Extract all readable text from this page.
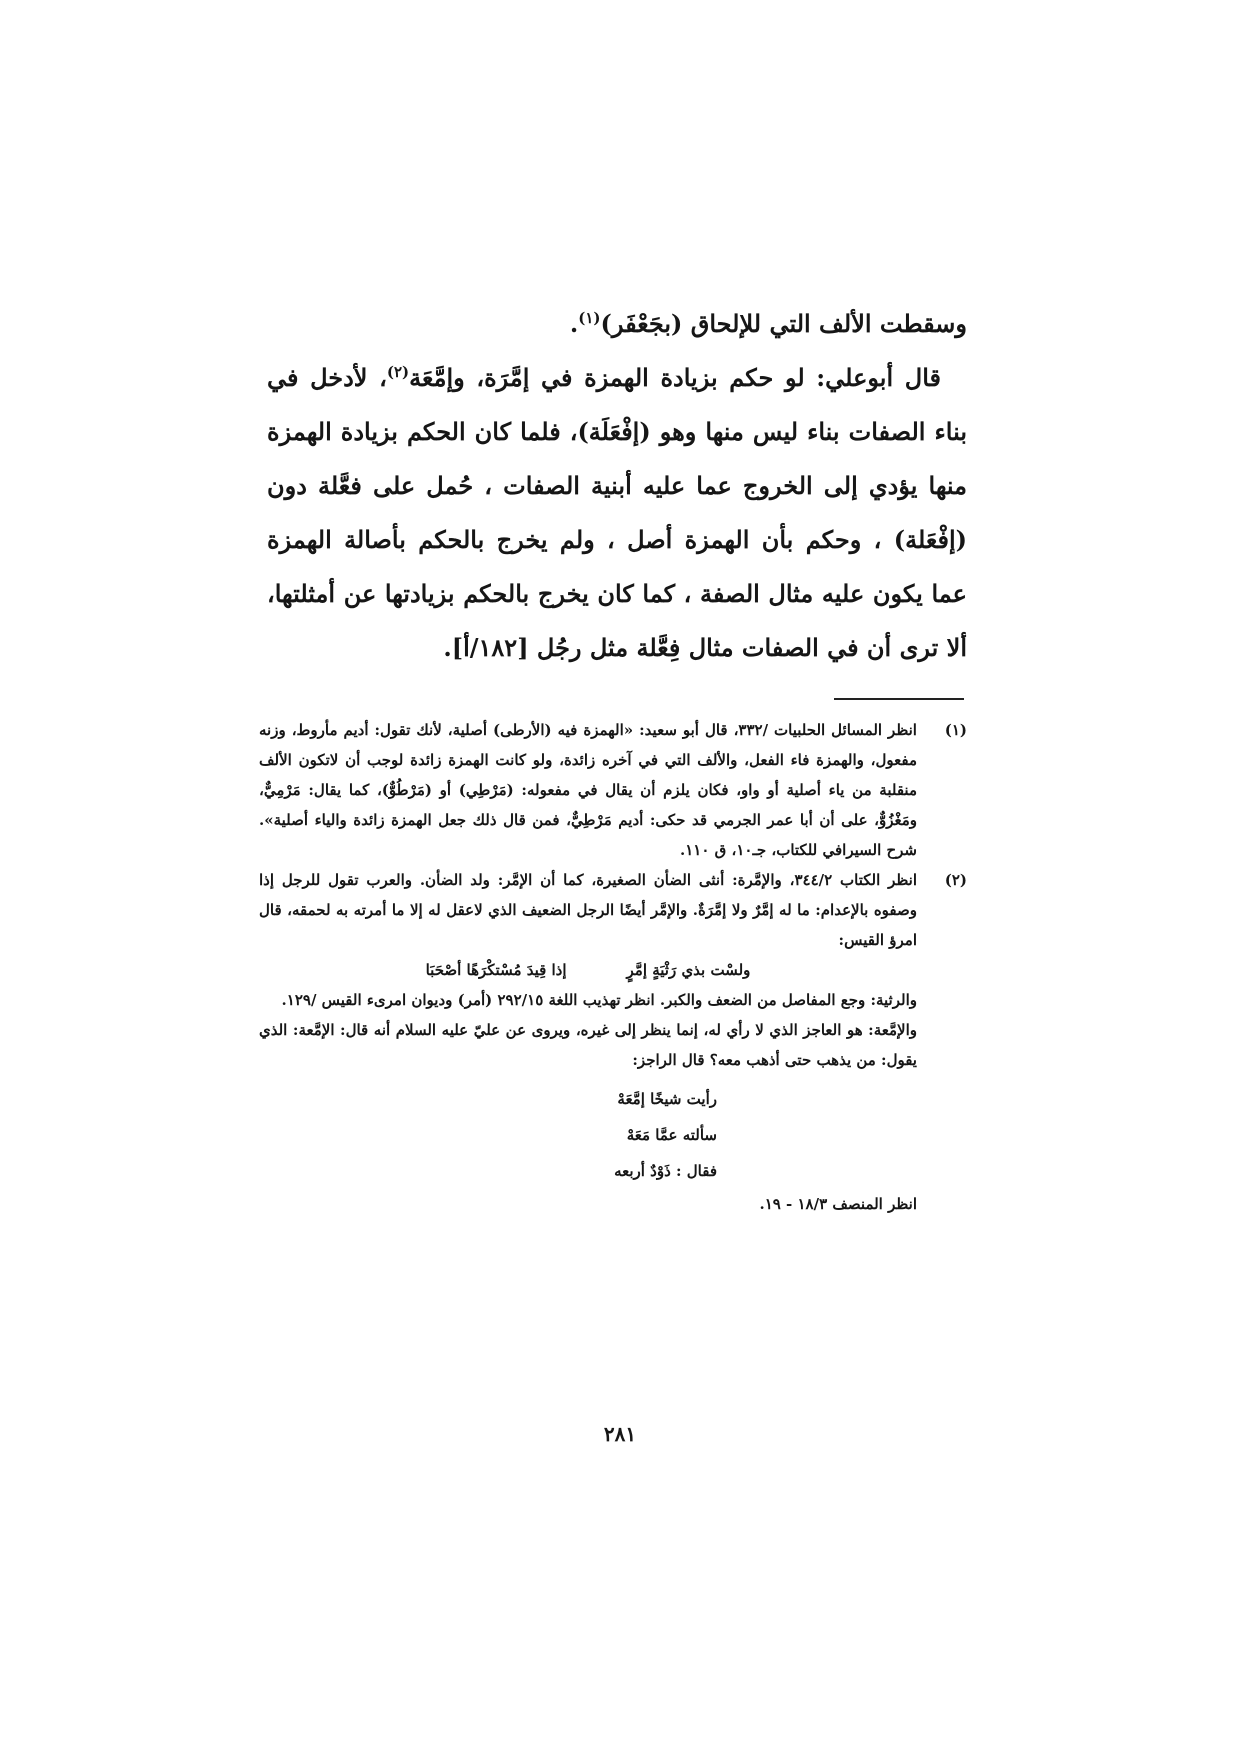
وسقطت الألف التي للإلحاق (بجَعْفَر)$^{(١)}$.

قال أبوعلي: لو حكم بزيادة الهمزة في إمَّرَة، وإمَّعَة$^{(٢)}$، لأدخل في بناء الصفات بناء ليس منها وهو (إفْعَلَة)، فلما كان الحكم بزيادة الهمزة منها يؤدي إلى الخروج عما عليه أبنية الصفات ، حُمل على فعَّلة دون (إفْعَلة) ، وحكم بأن الهمزة أصل ، ولم يخرج بالحكم بأصالة الهمزة عما يكون عليه مثال الصفة ، كما كان يخرج بالحكم بزيادتها عن أمثلتها، ألا ترى أن في الصفات مثال فِعَّلة مثل رجُل [١٨٢/أ].

(١)

انظر المسائل الحلبيات /٣٣٢، قال أبو سعيد: «الهمزة فيه (الأرطى) أصلية، لأنك تقول: أديم مأروط، وزنه مفعول، والهمزة فاء الفعل، والألف التي في آخره زائدة، ولو كانت الهمزة زائدة لوجب أن لاتكون الألف منقلبة من ياء أصلية أو واو، فكان يلزم أن يقال في مفعوله: (مَرْطِي) أو (مَرْطُوٌّ)، كما يقال: مَرْمِيٌّ، ومَغْزُوٌّ، على أن أبا عمر الجرمي قد حكى: أديم مَرْطِيٌّ، فمن قال ذلك جعل الهمزة زائدة والياء أصلية». شرح السيرافي للكتاب، جـ١٠، ق ١١٠.

(٢)

انظر الكتاب ٣٤٤/٢، والإمَّرة: أنثى الضأن الصغيرة، كما أن الإمَّر: ولد الضأن. والعرب تقول للرجل إذا وصفوه بالإعدام: ما له إمَّرٌ ولا إمَّرَةٌ. والإمَّر أيضًا الرجل الضعيف الذي لاعقل له إلا ما أمرته به لحمقه، قال امرؤ القيس:

ولسْت بذي رَثْيَةٍ إمَّرٍ
إذا قِيدَ مُسْتكْرَهًا أصْحَبَا

والرثية: وجع المفاصل من الضعف والكبر. انظر تهذيب اللغة ٢٩٢/١٥ (أمر) وديوان امرىء القيس /١٢٩.

والإمَّعة: هو العاجز الذي لا رأي له، إنما ينظر إلى غيره، ويروى عن عليّ عليه السلام أنه قال: الإمَّعة: الذي يقول: من يذهب حتى أذهب معه؟ قال الراجز:

رأيت شيخًا إمَّعَهْ
سألته عمَّا مَعَهْ
فقال : ذَوْدٌ أربعه

انظر المنصف ١٨/٣ - ١٩.

٢٨١
